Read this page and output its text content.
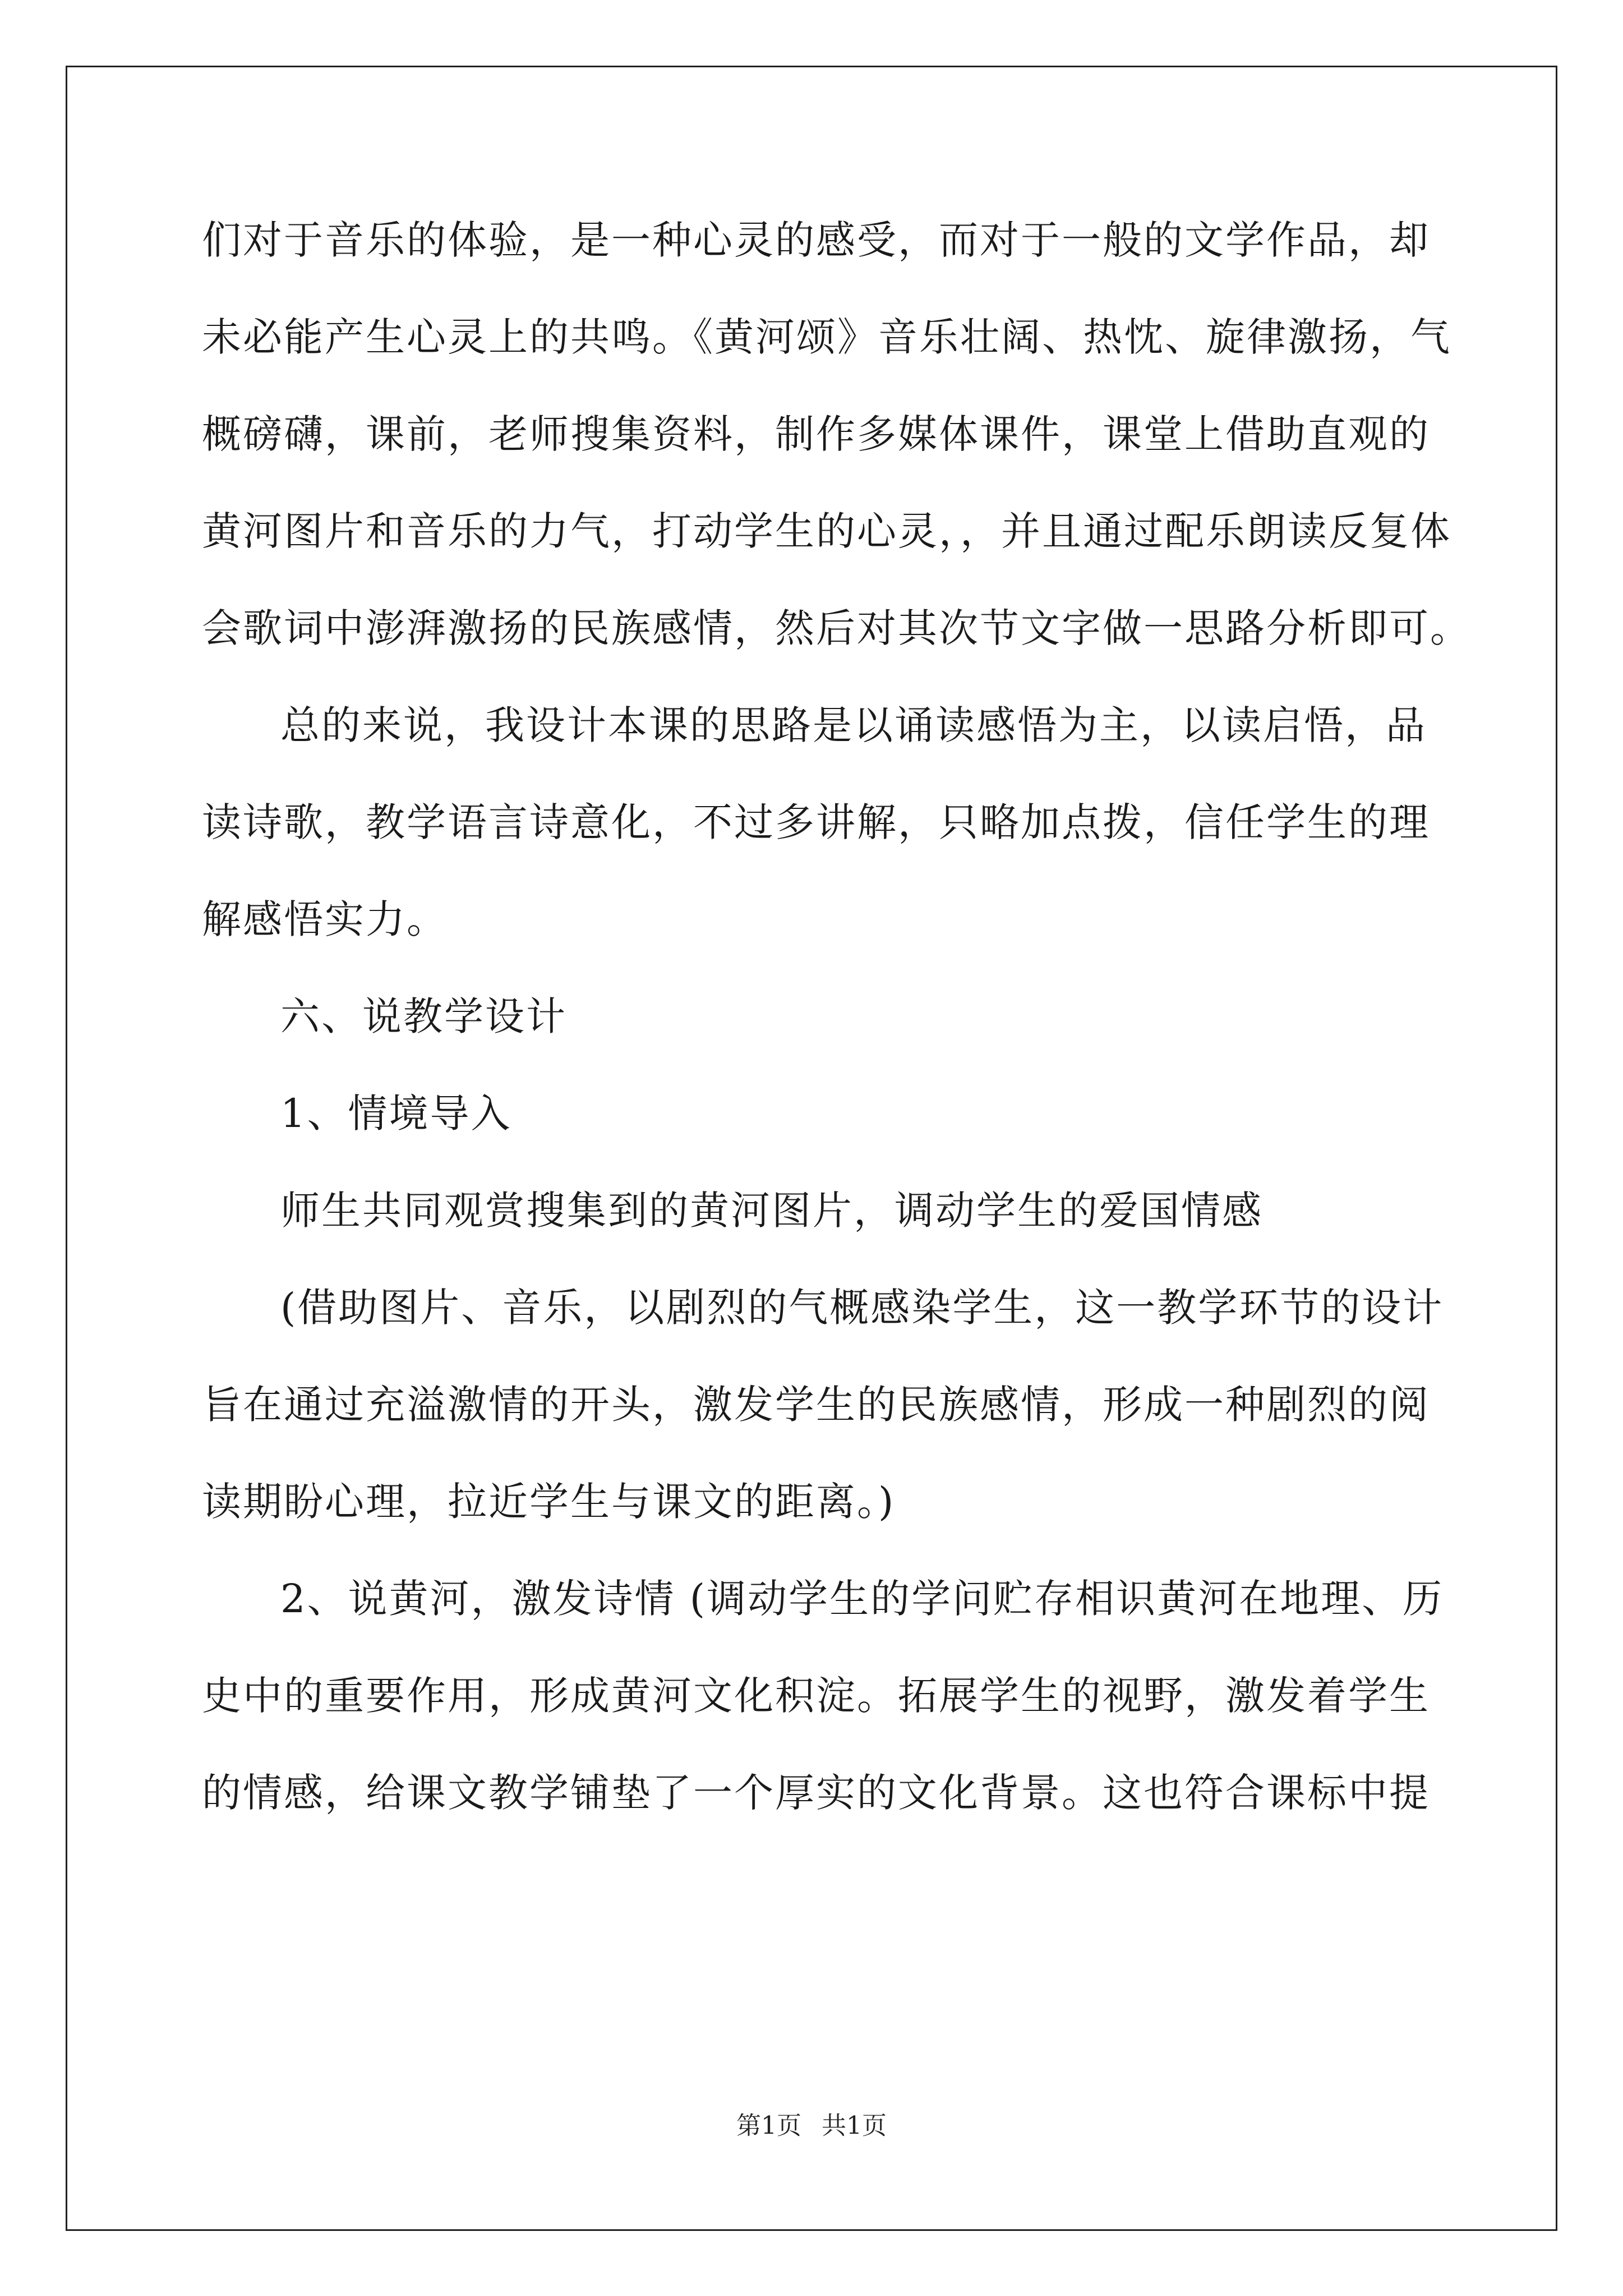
们对于音乐的体验，是一种心灵的感受，而对于一般的文学作品，却
未必能产生心灵上的共鸣。《黄河颂》音乐壮阔、热忱、旋律激扬，气
概磅礴，课前，老师搜集资料，制作多媒体课件，课堂上借助直观的
黄河图片和音乐的力气，打动学生的心灵，，并且通过配乐朗读反复体
会歌词中澎湃激扬的民族感情，然后对其次节文字做一思路分析即可。
总的来说，我设计本课的思路是以诵读感悟为主，以读启悟，品
读诗歌，教学语言诗意化，不过多讲解，只略加点拨，信任学生的理
解感悟实力。
六、说教学设计
1、情境导入
师生共同观赏搜集到的黄河图片，调动学生的爱国情感
(借助图片、音乐，以剧烈的气概感染学生，这一教学环节的设计
旨在通过充溢激情的开头，激发学生的民族感情，形成一种剧烈的阅
读期盼心理，拉近学生与课文的距离。)
2、说黄河，激发诗情 (调动学生的学问贮存相识黄河在地理、历
史中的重要作用，形成黄河文化积淀。拓展学生的视野，激发着学生
的情感，给课文教学铺垫了一个厚实的文化背景。这也符合课标中提
第1页 共1页
